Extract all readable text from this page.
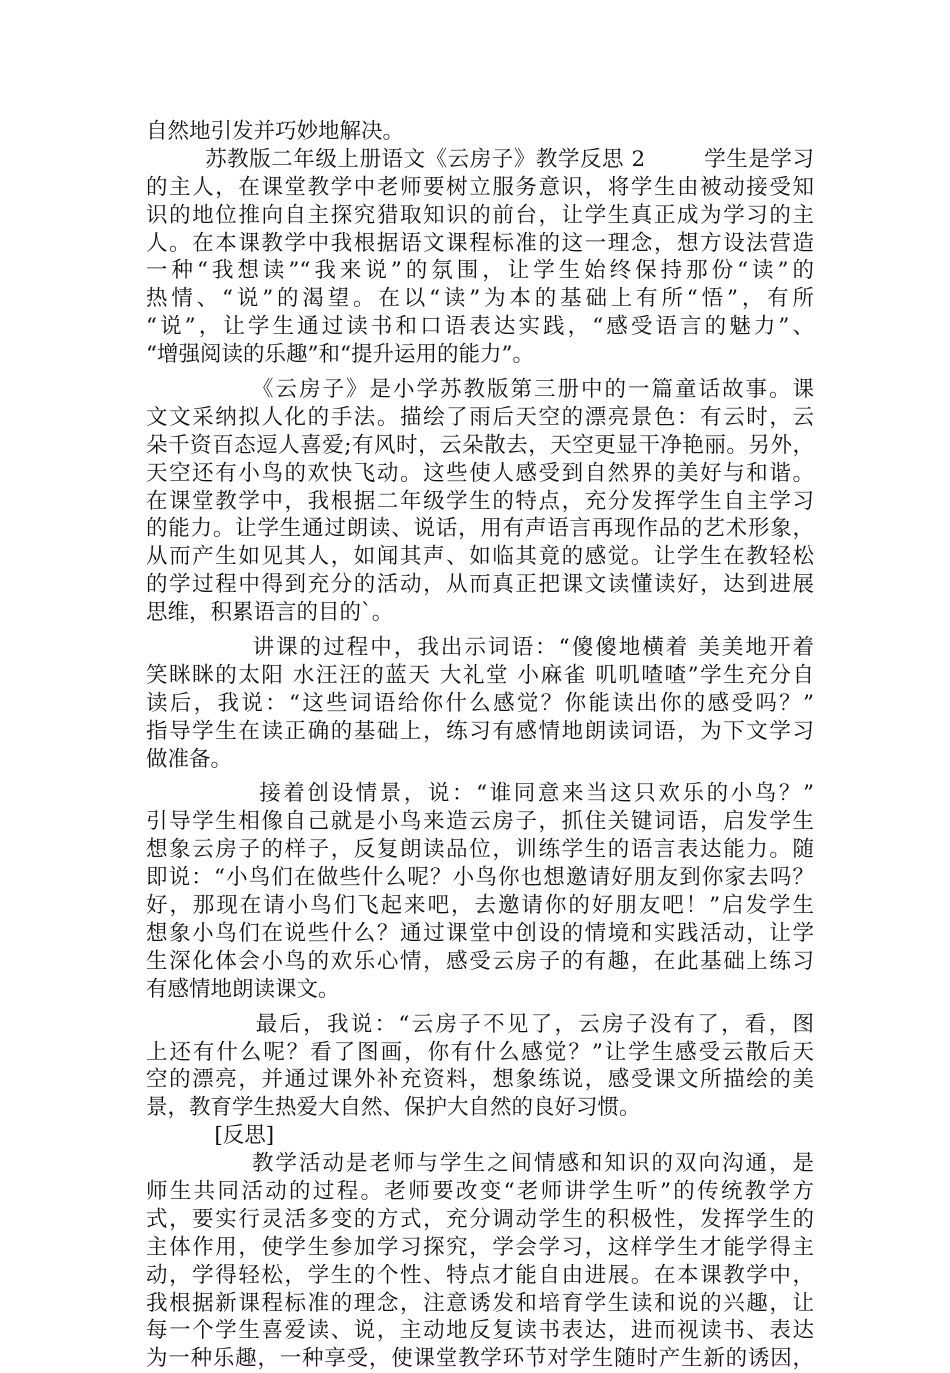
自然地引发并巧妙地解决。
苏教版二年级上册语文《云房子》教学反思 2        学生是学习
的主人，在课堂教学中老师要树立服务意识，将学生由被动接受知
识的地位推向自主探究猎取知识的前台，让学生真正成为学习的主
人。在本课教学中我根据语文课程标准的这一理念，想方设法营造
一种“我想读”“我来说”的氛围，让学生始终保持那份“读”的
热情、“说”的渴望。在以“读”为本的基础上有所“悟”，有所
“说”，让学生通过读书和口语表达实践，“感受语言的魅力”、
“增强阅读的乐趣”和“提升运用的能力”。
《云房子》是小学苏教版第三册中的一篇童话故事。课
文文采纳拟人化的手法。描绘了雨后天空的漂亮景色：有云时，云
朵千资百态逗人喜爱;有风时，云朵散去，天空更显干净艳丽。另外，
天空还有小鸟的欢快飞动。这些使人感受到自然界的美好与和谐。
在课堂教学中，我根据二年级学生的特点，充分发挥学生自主学习
的能力。让学生通过朗读、说话，用有声语言再现作品的艺术形象，
从而产生如见其人，如闻其声、如临其竟的感觉。让学生在教轻松
的学过程中得到充分的活动，从而真正把课文读懂读好，达到进展
思维，积累语言的目的`。
讲课的过程中，我出示词语：“傻傻地横着 美美地开着
笑眯眯的太阳 水汪汪的蓝天 大礼堂 小麻雀 叽叽喳喳”学生充分自
读后，我说：“这些词语给你什么感觉？你能读出你的感受吗？”
指导学生在读正确的基础上，练习有感情地朗读词语，为下文学习
做准备。
接着创设情景，说：“谁同意来当这只欢乐的小鸟？”
引导学生相像自己就是小鸟来造云房子，抓住关键词语，启发学生
想象云房子的样子，反复朗读品位，训练学生的语言表达能力。随
即说：“小鸟们在做些什么呢？小鸟你也想邀请好朋友到你家去吗？
好，那现在请小鸟们飞起来吧，去邀请你的好朋友吧！”启发学生
想象小鸟们在说些什么？通过课堂中创设的情境和实践活动，让学
生深化体会小鸟的欢乐心情，感受云房子的有趣，在此基础上练习
有感情地朗读课文。
最后，我说：“云房子不见了，云房子没有了，看，图
上还有什么呢？看了图画，你有什么感觉？”让学生感受云散后天
空的漂亮，并通过课外补充资料，想象练说，感受课文所描绘的美
景，教育学生热爱大自然、保护大自然的良好习惯。
[反思]
教学活动是老师与学生之间情感和知识的双向沟通，是
师生共同活动的过程。老师要改变“老师讲学生听”的传统教学方
式，要实行灵活多变的方式，充分调动学生的积极性，发挥学生的
主体作用，使学生参加学习探究，学会学习，这样学生才能学得主
动，学得轻松，学生的个性、特点才能自由进展。在本课教学中，
我根据新课程标准的理念，注意诱发和培育学生读和说的兴趣，让
每一个学生喜爱读、说，主动地反复读书表达，进而视读书、表达
为一种乐趣，一种享受，使课堂教学环节对学生随时产生新的诱因，
